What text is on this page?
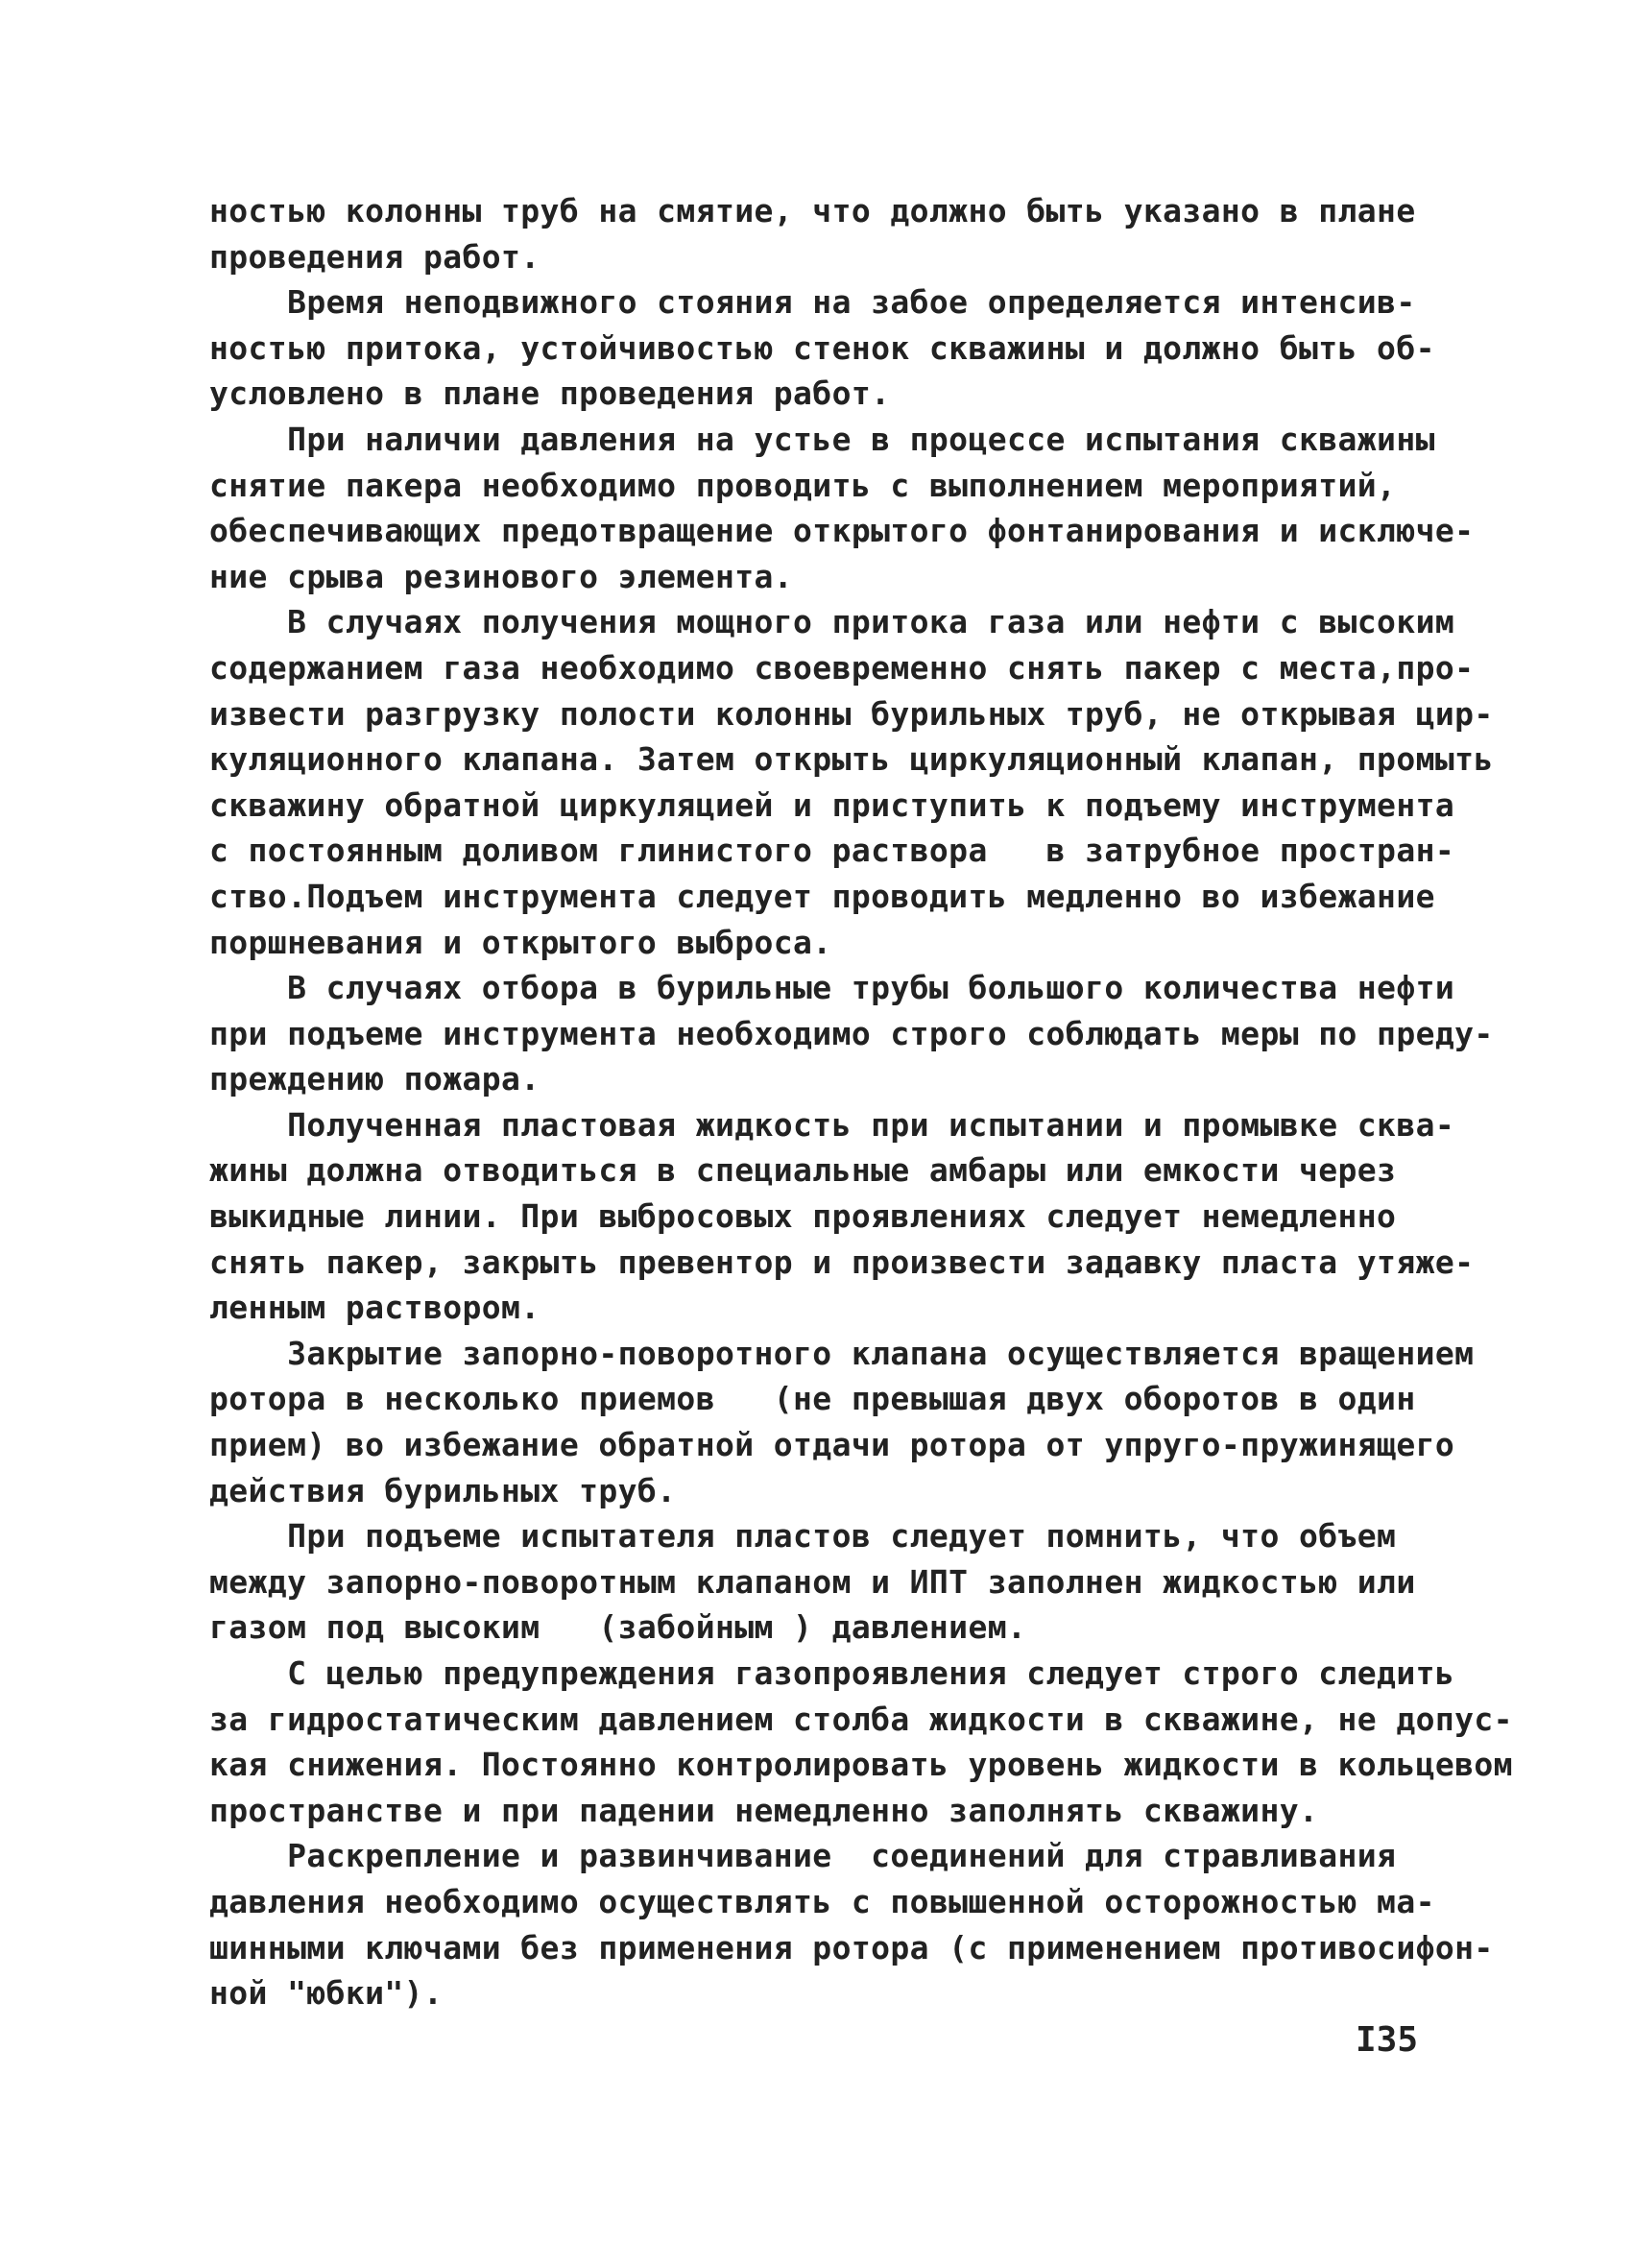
ностью колонны труб на смятие, что должно быть указано в плане
проведения работ.
Время неподвижного стояния на забое определяется интенсив-
ностью притока, устойчивостью стенок скважины и должно быть об-
условлено в плане проведения работ.
При наличии давления на устье в процессе испытания скважины
снятие пакера необходимо проводить с выполнением мероприятий,
обеспечивающих предотвращение открытого фонтанирования и исключе-
ние срыва резинового элемента.
В случаях получения мощного притока газа или нефти с высоким
содержанием газа необходимо своевременно снять пакер с места,про-
извести разгрузку полости колонны бурильных труб, не открывая цир-
куляционного клапана. Затем открыть циркуляционный клапан, промыть
скважину обратной циркуляцией и приступить к подъему инструмента
с постоянным доливом глинистого раствора   в затрубное простран-
ство.Подъем инструмента следует проводить медленно во избежание
поршневания и открытого выброса.
В случаях отбора в бурильные трубы большого количества нефти
при подъеме инструмента необходимо строго соблюдать меры по преду-
преждению пожара.
Полученная пластовая жидкость при испытании и промывке сква-
жины должна отводиться в специальные амбары или емкости через
выкидные линии. При выбросовых проявлениях следует немедленно
снять пакер, закрыть превентор и произвести задавку пласта утяже-
ленным раствором.
Закрытие запорно-поворотного клапана осуществляется вращением
ротора в несколько приемов   (не превышая двух оборотов в один
прием) во избежание обратной отдачи ротора от упруго-пружинящего
действия бурильных труб.
При подъеме испытателя пластов следует помнить, что объем
между запорно-поворотным клапаном и ИПТ заполнен жидкостью или
газом под высоким   (забойным ) давлением.
С целью предупреждения газопроявления следует строго следить
за гидростатическим давлением столба жидкости в скважине, не допус-
кая снижения. Постоянно контролировать уровень жидкости в кольцевом
пространстве и при падении немедленно заполнять скважину.
Раскрепление и развинчивание  соединений для стравливания
давления необходимо осуществлять с повышенной осторожностью ма-
шинными ключами без применения ротора (с применением противосифон-
ной "юбки").
I35
